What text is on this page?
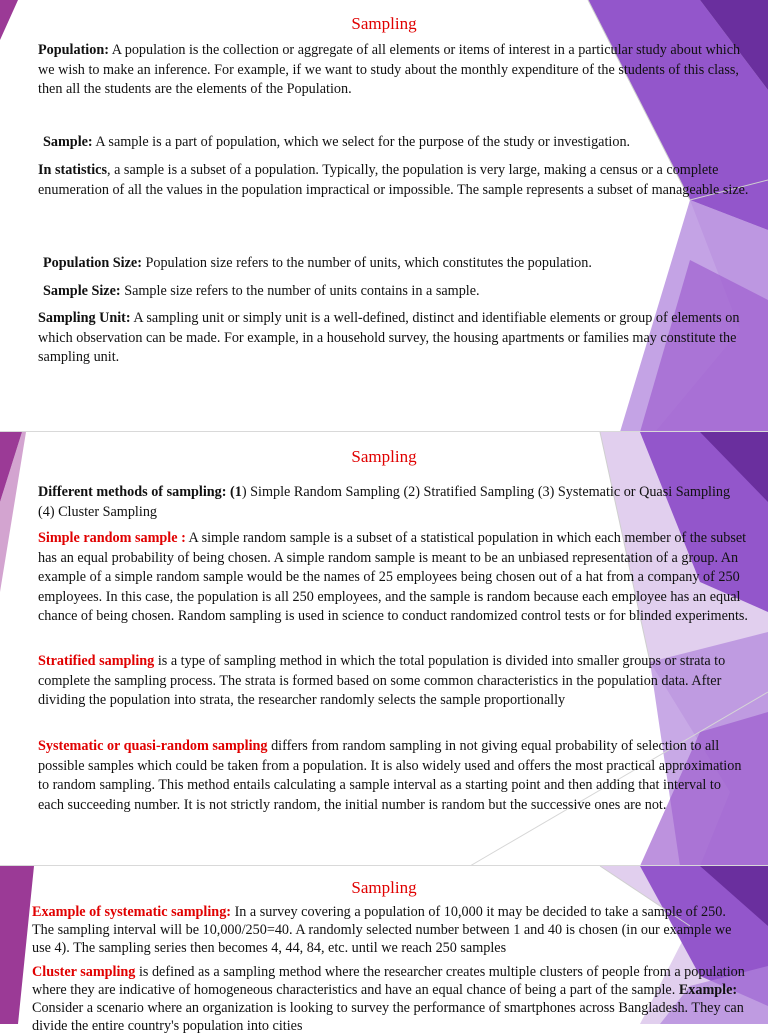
Sampling

Population: A population is the collection or aggregate of all elements or items of interest in a particular study about which we wish to make an inference. For example, if we want to study about the monthly expenditure of the students of this class, then all the students are the elements of the Population.

Sample: A sample is a part of population, which we select for the purpose of the study or investigation.

In statistics, a sample is a subset of a population. Typically, the population is very large, making a census or a complete enumeration of all the values in the population impractical or impossible. The sample represents a subset of manageable size.

Population Size: Population size refers to the number of units, which constitutes the population.

Sample Size: Sample size refers to the number of units contains in a sample.

Sampling Unit: A sampling unit or simply unit is a well-defined, distinct and identifiable elements or group of elements on which observation can be made. For example, in a household survey, the housing apartments or families may constitute the sampling unit.

Sampling

Different methods of sampling: (1) Simple Random Sampling (2) Stratified Sampling (3) Systematic or Quasi Sampling (4) Cluster Sampling

Simple random sample : A simple random sample is a subset of a statistical population in which each member of the subset has an equal probability of being chosen. A simple random sample is meant to be an unbiased representation of a group. An example of a simple random sample would be the names of 25 employees being chosen out of a hat from a company of 250 employees. In this case, the population is all 250 employees, and the sample is random because each employee has an equal chance of being chosen. Random sampling is used in science to conduct randomized control tests or for blinded experiments.

Stratified sampling is a type of sampling method in which the total population is divided into smaller groups or strata to complete the sampling process. The strata is formed based on some common characteristics in the population data. After dividing the population into strata, the researcher randomly selects the sample proportionally

Systematic or quasi-random sampling differs from random sampling in not giving equal probability of selection to all possible samples which could be taken from a population. It is also widely used and offers the most practical approximation to random sampling. This method entails calculating a sample interval as a starting point and then adding that interval to each succeeding number. It is not strictly random, the initial number is random but the successive ones are not.

Sampling

Example of systematic sampling: In a survey covering a population of 10,000 it may be decided to take a sample of 250. The sampling interval will be 10,000/250=40. A randomly selected number between 1 and 40 is chosen (in our example we use 4). The sampling series then becomes 4, 44, 84, etc. until we reach 250 samples

Cluster sampling is defined as a sampling method where the researcher creates multiple clusters of people from a population where they are indicative of homogeneous characteristics and have an equal chance of being a part of the sample. Example: Consider a scenario where an organization is looking to survey the performance of smartphones across Bangladesh. They can divide the entire country's population into cities
